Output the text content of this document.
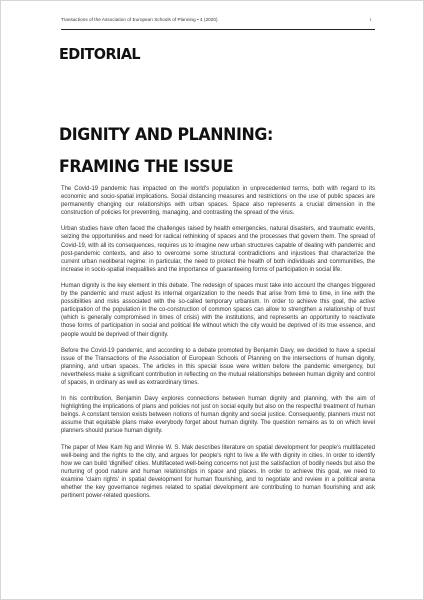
Transactions of the Association of European Schools of Planning • 4 (2020)	i
EDITORIAL
DIGNITY AND PLANNING:
FRAMING THE ISSUE

The Covid-19 pandemic has impacted on the world's population in unprecedented terms, both with regard to its economic and socio-spatial implications. Social distancing measures and restrictions on the use of public spaces are permanently changing our relationships with urban spaces. Space also represents a crucial dimension in the construction of policies for preventing, managing, and contrasting the spread of the virus.

Urban studies have often faced the challenges raised by health emergencies, natural disasters, and traumatic events, seizing the opportunities and need for radical rethinking of spaces and the processes that govern them. The spread of Covid-19, with all its consequences, requires us to imagine new urban structures capable of dealing with pandemic and post-pandemic contexts, and also to overcome some structural contradictions and injustices that characterize the current urban neoliberal regime: in particular, the need to protect the health of both individuals and communities, the increase in socio-spatial inequalities and the importance of guaranteeing forms of participation in social life.

Human dignity is the key element in this debate. The redesign of spaces must take into account the changes triggered by the pandemic and must adjust its internal organization to the needs that arise from time to time, in line with the possibilities and risks associated with the so-called temporary urbanism. In order to achieve this goal, the active participation of the population in the co-construction of common spaces can allow to strengthen a relationship of trust (which is generally compromised in times of crisis) with the institutions, and represents an opportunity to reactivate those forms of participation in social and political life without which the city would be deprived of its true essence, and people would be deprived of their dignity.

Before the Covid-19 pandemic, and according to a debate promoted by Benjamin Davy, we decided to have a special issue of the Transactions of the Association of European Schools of Planning on the intersections of human dignity, planning, and urban spaces. The articles in this special issue were written before the pandemic emergency, but nevertheless make a significant contribution in reflecting on the mutual relationships between human dignity and control of spaces, in ordinary as well as extraordinary times.

In his contribution, Benjamin Davy explores connections between human dignity and planning, with the aim of highlighting the implications of plans and policies not just on social equity but also on the respectful treatment of human beings. A constant tension exists between notions of human dignity and social justice. Consequently, planners must not assume that equitable plans make everybody forget about human dignity. The question remains as to on which level planners should pursue human dignity.

The paper of Mee Kam Ng and Winnie W. S. Mak describes literature on spatial development for people's multifaceted well-being and the rights to the city, and argues for people's right to live a life with dignity in cities. In order to identify how we can build 'dignified' cities. Multifaceted well-being concerns not just the satisfaction of bodily needs but also the nurturing of good nature and human relationships in space and places. In order to achieve this goal, we need to examine 'claim rights' in spatial development for human flourishing, and to negotiate and review in a political arena whether the key governance regimes related to spatial development are contributing to human flourishing and ask pertinent power-related questions.
